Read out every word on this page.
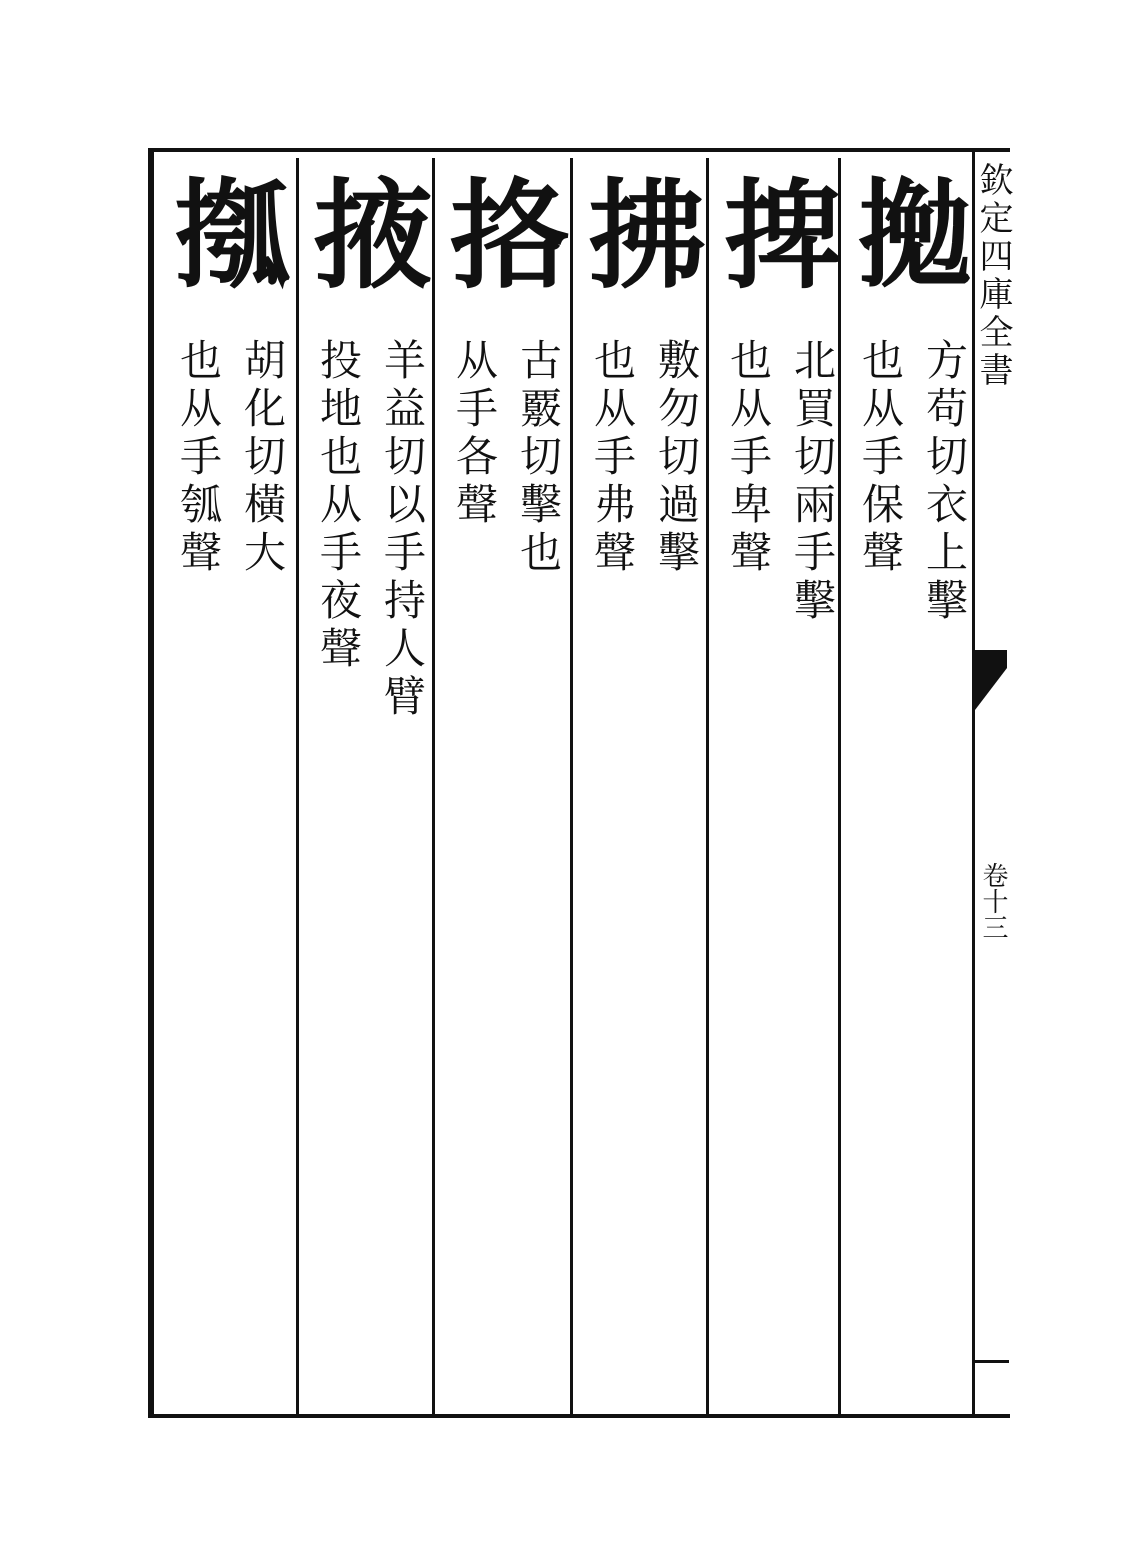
欽定四庫全書
卷十三
𢱍
方苟切衣上擊
也从手保聲
捭
北買切兩手擊
也从手卑聲
拂
敷勿切過擊
也从手弗聲
挌
古覈切擊也
从手各聲
掖
羊益切以手持人臂
投地也从手夜聲
摦
胡化切橫大
也从手瓠聲
